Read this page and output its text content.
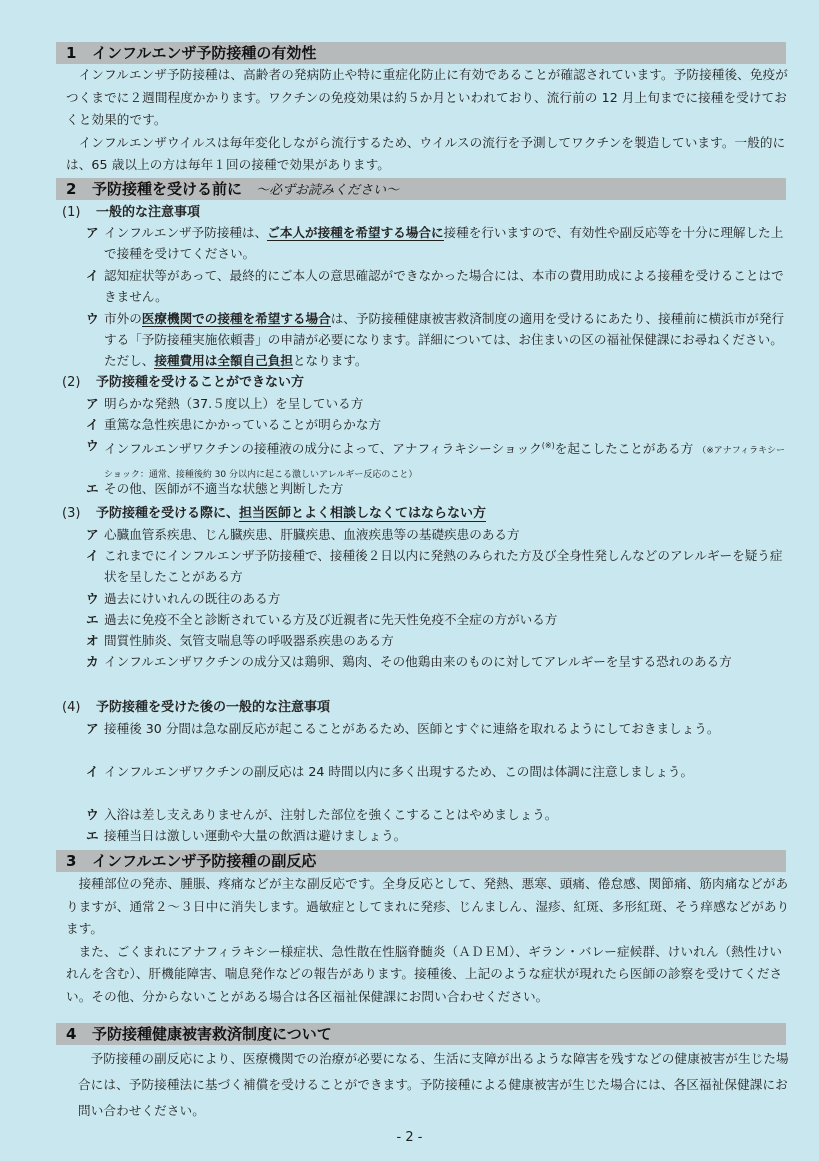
1 インフルエンザ予防接種の有効性

インフルエンザ予防接種は、高齢者の発病防止や特に重症化防止に有効であることが確認されています。予防接種後、免疫がつくまでに２週間程度かかります。ワクチンの免疫効果は約５か月といわれており、流行前の 12 月上旬までに接種を受けておくと効果的です。

インフルエンザウイルスは毎年変化しながら流行するため、ウイルスの流行を予測してワクチンを製造しています。一般的には、65 歳以上の方は毎年１回の接種で効果があります。

2 予防接種を受ける前に ～必ずお読みください～
(1) 一般的な注意事項
ア インフルエンザ予防接種は、ご本人が接種を希望する場合に接種を行いますので、有効性や副反応等を十分に理解した上で接種を受けてください。
イ 認知症状等があって、最終的にご本人の意思確認ができなかった場合には、本市の費用助成による接種を受けることはできません。
ウ 市外の医療機関での接種を希望する場合は、予防接種健康被害救済制度の適用を受けるにあたり、接種前に横浜市が発行する「予防接種実施依頼書」の申請が必要になります。詳細については、お住まいの区の福祉保健課にお尋ねください。ただし、接種費用は全額自己負担となります。
(2) 予防接種を受けることができない方
ア 明らかな発熱（37.５度以上）を呈している方
イ 重篤な急性疾患にかかっていることが明らかな方
ウ インフルエンザワクチンの接種液の成分によって、アナフィラキシーショック(※)を起こしたことがある方 （※アナフィラキシーショック：通常、接種後約 30 分以内に起こる激しいアレルギー反応のこと）
エ その他、医師が不適当な状態と判断した方
(3) 予防接種を受ける際に、担当医師とよく相談しなくてはならない方
ア 心臓血管系疾患、じん臓疾患、肝臓疾患、血液疾患等の基礎疾患のある方
イ これまでにインフルエンザ予防接種で、接種後２日以内に発熱のみられた方及び全身性発しんなどのアレルギーを疑う症状を呈したことがある方
ウ 過去にけいれんの既往のある方
エ 過去に免疫不全と診断されている方及び近親者に先天性免疫不全症の方がいる方
オ 間質性肺炎、気管支喘息等の呼吸器系疾患のある方
カ インフルエンザワクチンの成分又は鶏卵、鶏肉、その他鶏由来のものに対してアレルギーを呈する恐れのある方
(4) 予防接種を受けた後の一般的な注意事項
ア 接種後 30 分間は急な副反応が起こることがあるため、医師とすぐに連絡を取れるようにしておきましょう。
イ インフルエンザワクチンの副反応は 24 時間以内に多く出現するため、この間は体調に注意しましょう。
ウ 入浴は差し支えありませんが、注射した部位を強くこすることはやめましょう。
エ 接種当日は激しい運動や大量の飲酒は避けましょう。
3 インフルエンザ予防接種の副反応

接種部位の発赤、腫脹、疼痛などが主な副反応です。全身反応として、発熱、悪寒、頭痛、倦怠感、関節痛、筋肉痛などがありますが、通常２～３日中に消失します。過敏症としてまれに発疹、じんましん、湿疹、紅斑、多形紅斑、そう痒感などがあります。

また、ごくまれにアナフィラキシー様症状、急性散在性脳脊髄炎（ＡＤＥＭ）、ギラン・バレー症候群、けいれん（熱性けいれんを含む）、肝機能障害、喘息発作などの報告があります。接種後、上記のような症状が現れたら医師の診察を受けてください。その他、分からないことがある場合は各区福祉保健課にお問い合わせください。

4 予防接種健康被害救済制度について

予防接種の副反応により、医療機関での治療が必要になる、生活に支障が出るような障害を残すなどの健康被害が生じた場合には、予防接種法に基づく補償を受けることができます。予防接種による健康被害が生じた場合には、各区福祉保健課にお問い合わせください。

- 2 -
